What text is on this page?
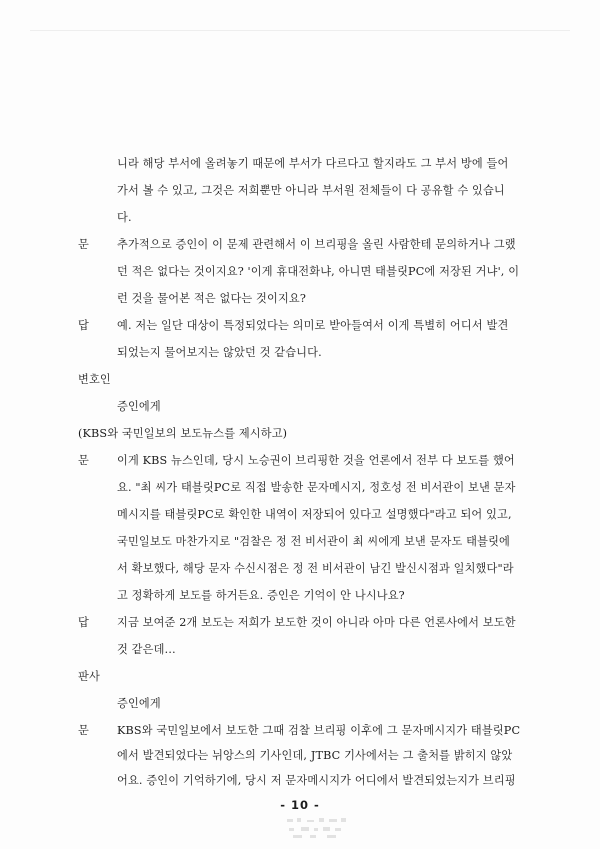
니라 해당 부서에 올려놓기 때문에 부서가 다르다고 할지라도 그 부서 방에 들어
가서 볼 수 있고, 그것은 저희뿐만 아니라 부서원 전체들이 다 공유할 수 있습니
다.
문	추가적으로 증인이 이 문제 관련해서 이 브리핑을 올린 사람한테 문의하거나 그랬
던 적은 없다는 것이지요? '이게 휴대전화냐, 아니면 태블릿PC에 저장된 거냐', 이
런 것을 물어본 적은 없다는 것이지요?
답	예. 저는 일단 대상이 특정되었다는 의미로 받아들여서 이게 특별히 어디서 발견
되었는지 물어보지는 않았던 것 같습니다.
변호인
증인에게
(KBS와 국민일보의 보도뉴스를 제시하고)
문	이게 KBS 뉴스인데, 당시 노승권이 브리핑한 것을 언론에서 전부 다 보도를 했어
요. "최 씨가 태블릿PC로 직접 발송한 문자메시지, 정호성 전 비서관이 보낸 문자
메시지를 태블릿PC로 확인한 내역이 저장되어 있다고 설명했다"라고 되어 있고,
국민일보도 마찬가지로 "검찰은 정 전 비서관이 최 씨에게 보낸 문자도 태블릿에
서 확보했다, 해당 문자 수신시점은 정 전 비서관이 남긴 발신시점과 일치했다"라
고 정확하게 보도를 하거든요. 증인은 기억이 안 나시나요?
답	지금 보여준 2개 보도는 저희가 보도한 것이 아니라 아마 다른 언론사에서 보도한
것 같은데…
판사
증인에게
문	KBS와 국민일보에서 보도한 그때 검찰 브리핑 이후에 그 문자메시지가 태블릿PC
에서 발견되었다는 뉘앙스의 기사인데, JTBC 기사에서는 그 출처를 밝히지 않았
어요. 증인이 기억하기에, 당시 저 문자메시지가 어디에서 발견되었는지가 브리핑
- 10 -
